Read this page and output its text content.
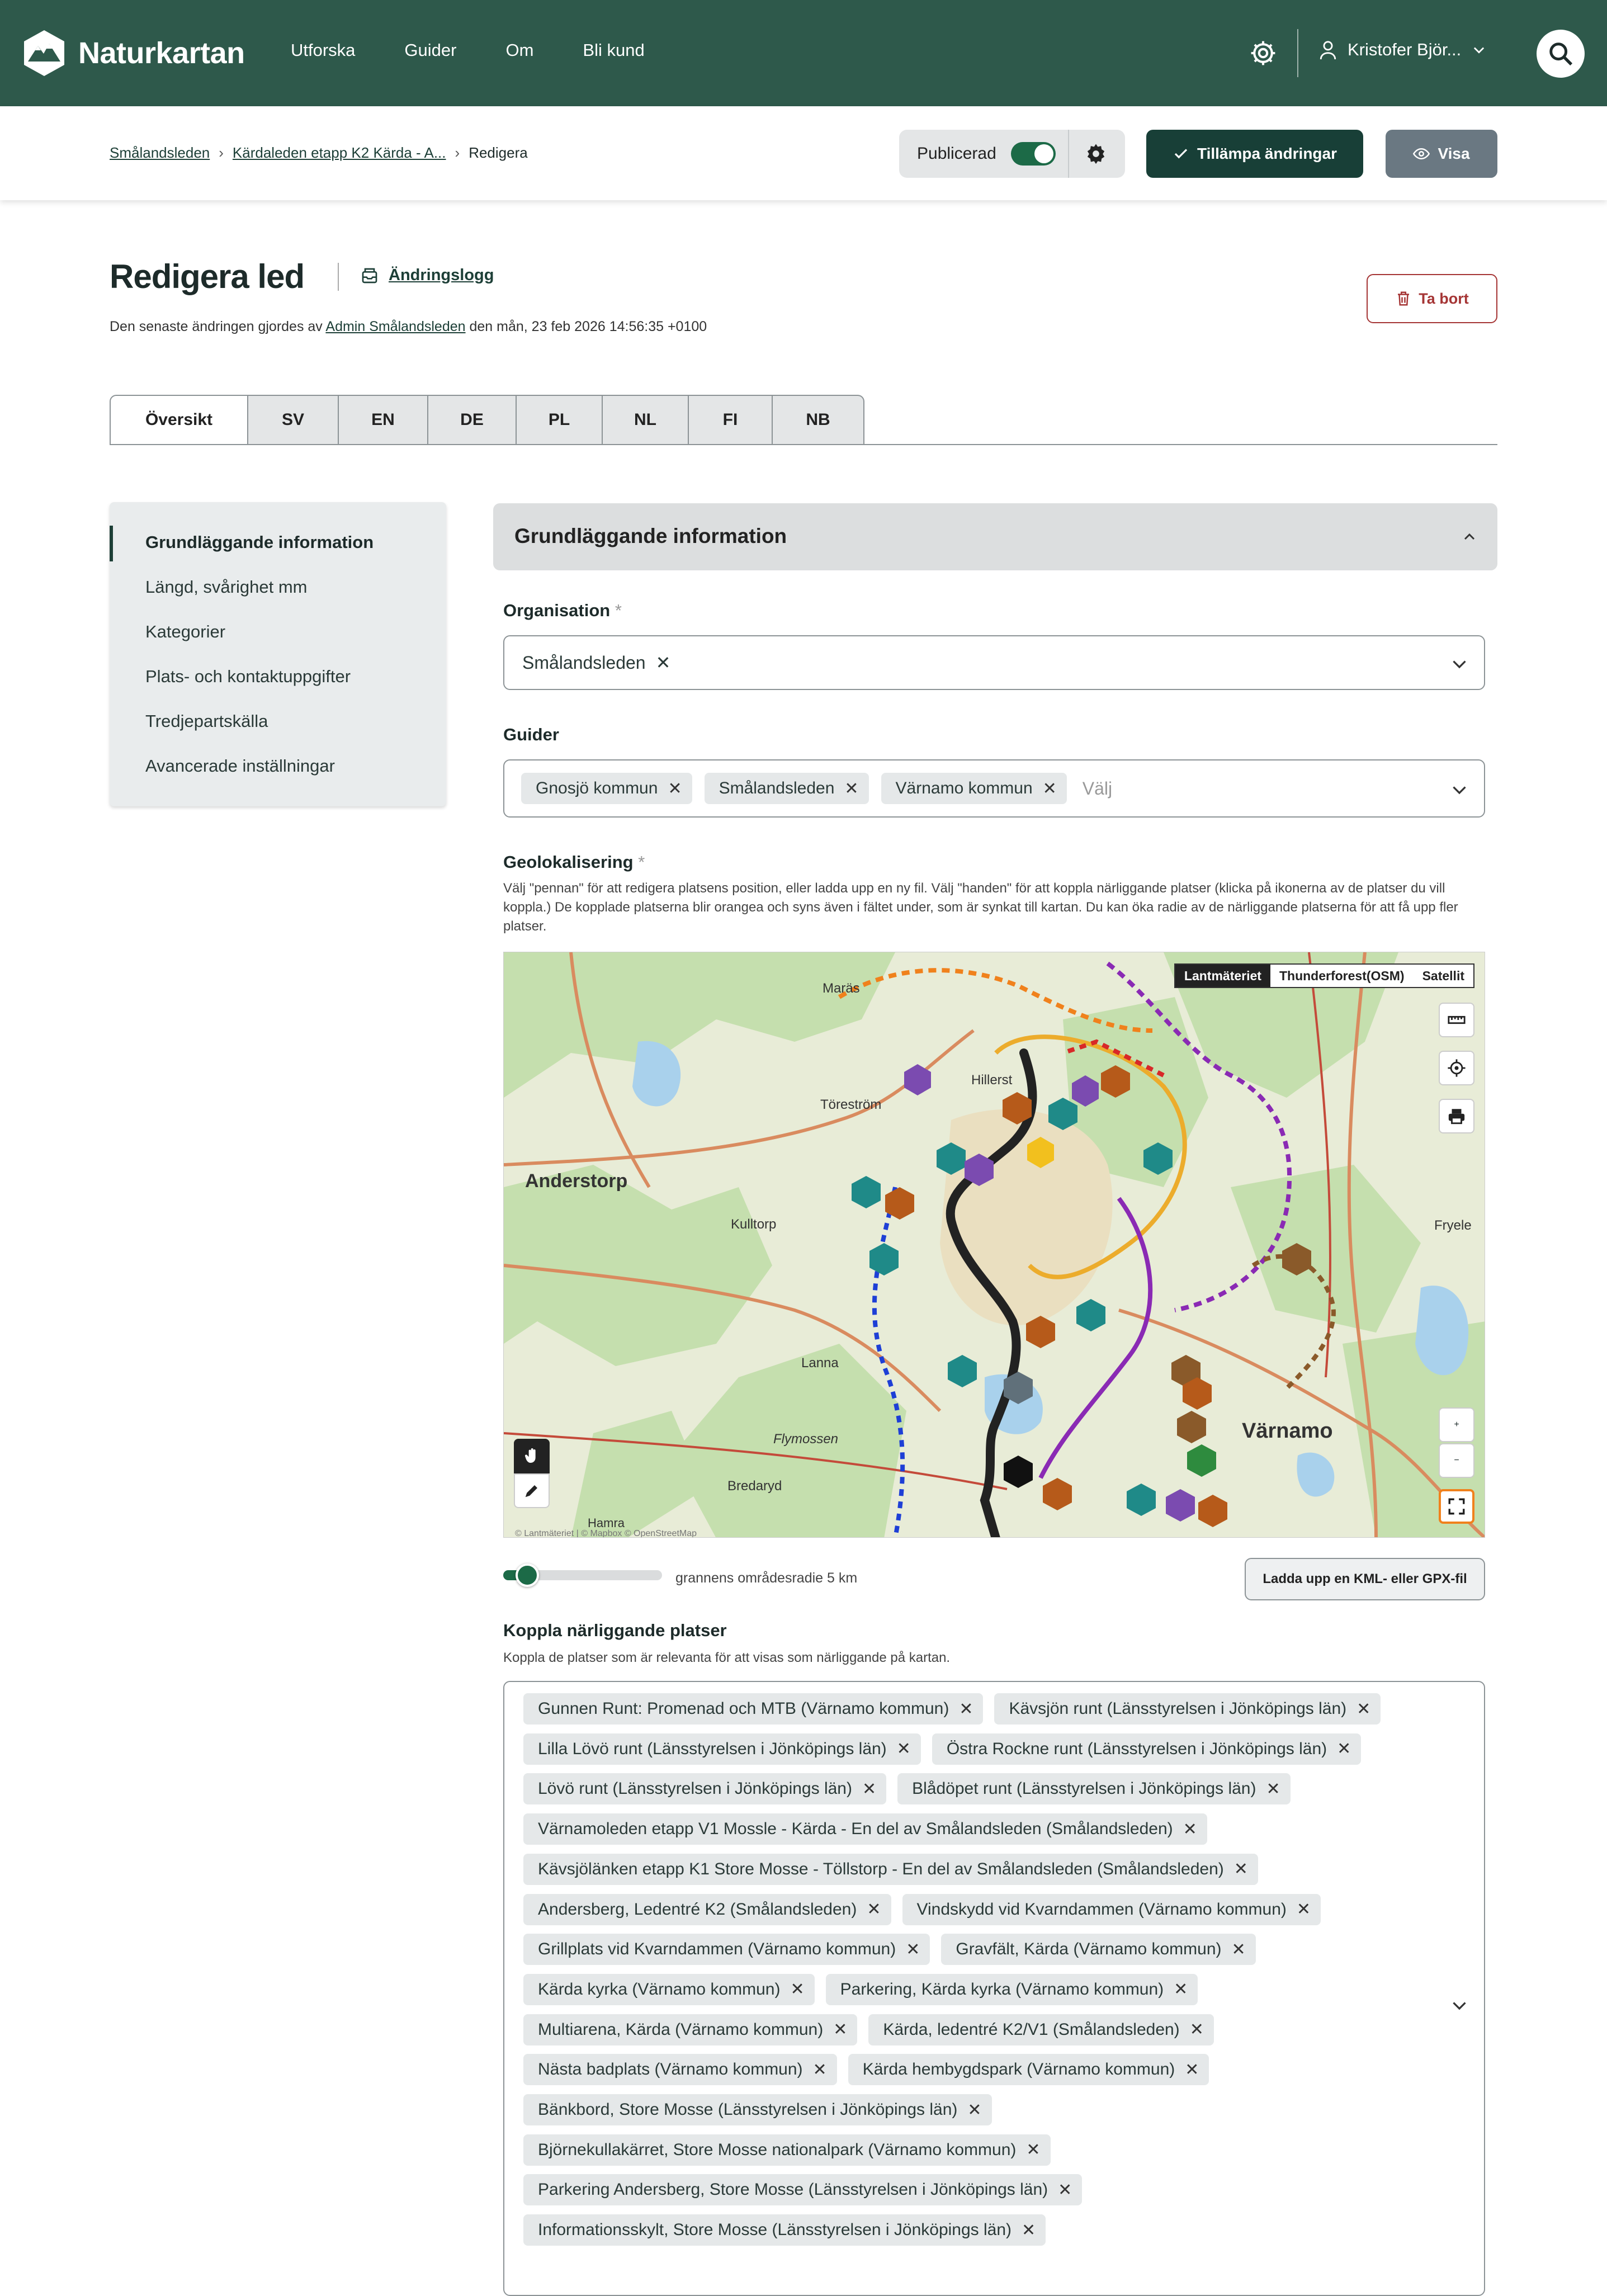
Naturkartan	Utforska	Guider	Om	Bli kund	Kristofer Björ...
Smålandsleden › Kärdaleden etapp K2 Kärda - A... › Redigera	Publicerad	Tillämpa ändringar	Visa
Redigera led	Ändringslogg
Den senaste ändringen gjordes av Admin Smålandsleden den mån, 23 feb 2026 14:56:35 +0100
Ta bort
Översikt	SV	EN	DE	PL	NL	FI	NB
Grundläggande information
Längd, svårighet mm
Kategorier
Plats- och kontaktuppgifter
Tredjepartskälla
Avancerade inställningar
Grundläggande information
Organisation *
Smålandsleden ✕
Guider
Gnosjö kommun ✕ Smålandsleden ✕ Värnamo kommun ✕ Välj
Geolokalisering *
Välj "pennan" för att redigera platsens position, eller ladda upp en ny fil. Välj "handen" för att koppla närliggande platser (klicka på ikonerna av de platser du vill koppla.) De kopplade platserna blir orangea och syns även i fältet under, som är synkat till kartan. Du kan öka radie av de närliggande platserna för att få upp fler platser.
Maräs
Töreström
Hillerst
Anderstorp
Kulltorp
Lanna
Flymossen
Bredaryd
Värnamo
Fryele
Hamra
© Lantmäteriet | © Mapbox © OpenStreetMap
Lantmäteriet	Thunderforest(OSM)	Satellit
+
−
grannens områdesradie 5 km	Ladda upp en KML- eller GPX-fil
Koppla närliggande platser
Koppla de platser som är relevanta för att visas som närliggande på kartan.
Gunnen Runt: Promenad och MTB (Värnamo kommun) ✕ Kävsjön runt (Länsstyrelsen i Jönköpings län) ✕
Lilla Lövö runt (Länsstyrelsen i Jönköpings län) ✕ Östra Rockne runt (Länsstyrelsen i Jönköpings län) ✕
Lövö runt (Länsstyrelsen i Jönköpings län) ✕ Blådöpet runt (Länsstyrelsen i Jönköpings län) ✕
Värnamoleden etapp V1 Mossle - Kärda - En del av Smålandsleden (Smålandsleden) ✕
Kävsjölänken etapp K1 Store Mosse - Töllstorp - En del av Smålandsleden (Smålandsleden) ✕
Andersberg, Ledentré K2 (Smålandsleden) ✕ Vindskydd vid Kvarndammen (Värnamo kommun) ✕
Grillplats vid Kvarndammen (Värnamo kommun) ✕ Gravfält, Kärda (Värnamo kommun) ✕
Kärda kyrka (Värnamo kommun) ✕ Parkering, Kärda kyrka (Värnamo kommun) ✕
Multiarena, Kärda (Värnamo kommun) ✕ Kärda, ledentré K2/V1 (Smålandsleden) ✕
Nästa badplats (Värnamo kommun) ✕ Kärda hembygdspark (Värnamo kommun) ✕
Bänkbord, Store Mosse (Länsstyrelsen i Jönköpings län) ✕
Björnekullakärret, Store Mosse nationalpark (Värnamo kommun) ✕
Parkering Andersberg, Store Mosse (Länsstyrelsen i Jönköpings län) ✕
Informationsskylt, Store Mosse (Länsstyrelsen i Jönköpings län) ✕
